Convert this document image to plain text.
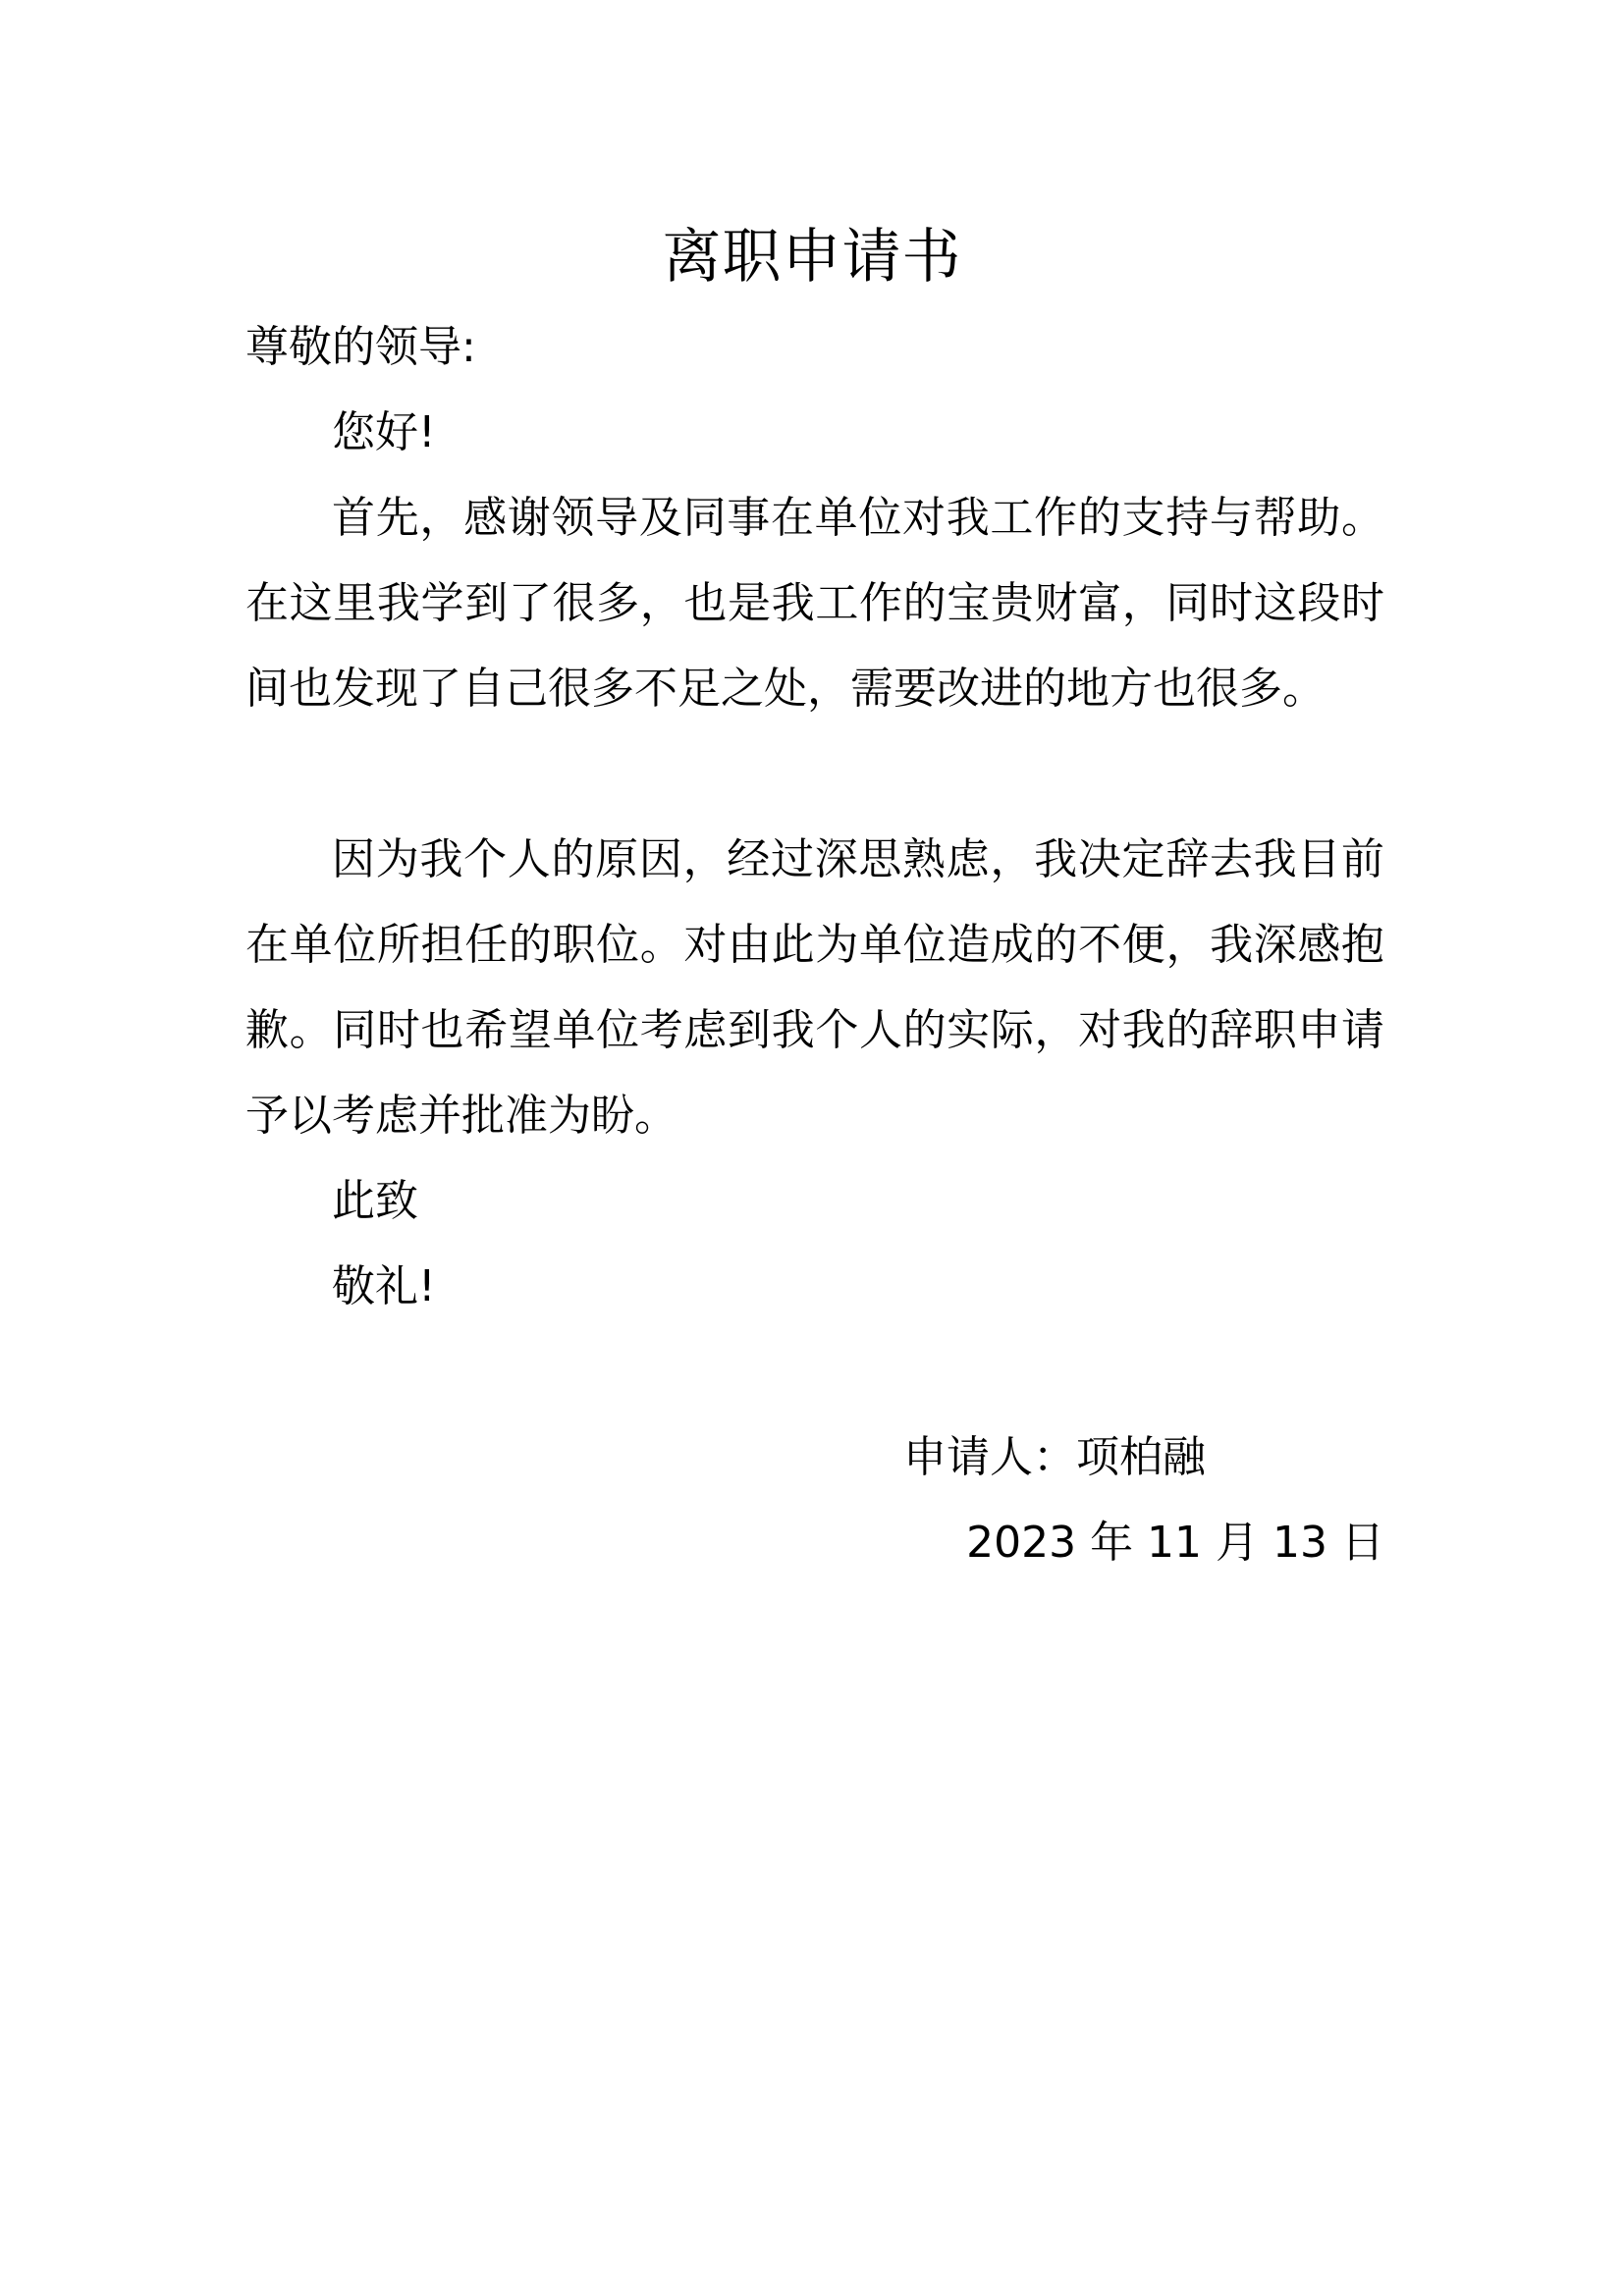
离职申请书
尊敬的领导:
您好!
首先，感谢领导及同事在单位对我工作的支持与帮助。在这里我学到了很多，也是我工作的宝贵财富，同时这段时间也发现了自己很多不足之处，需要改进的地方也很多。
因为我个人的原因，经过深思熟虑，我决定辞去我目前在单位所担任的职位。对由此为单位造成的不便，我深感抱歉。同时也希望单位考虑到我个人的实际，对我的辞职申请予以考虑并批准为盼。
此致
敬礼!
申请人：项柏融
2023 年 11 月 13 日
